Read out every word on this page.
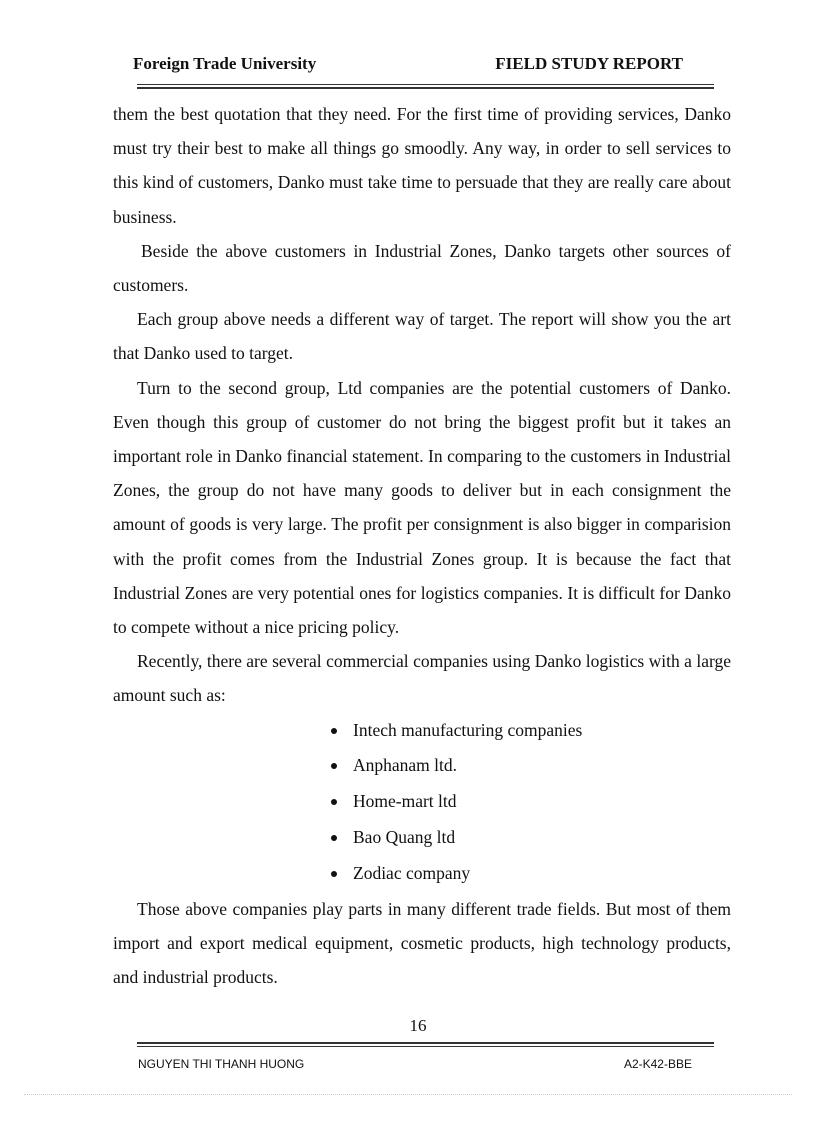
Foreign Trade University	FIELD STUDY REPORT

them the best quotation that they need. For the first time of providing services, Danko must try their best to make all things go smoodly. Any way, in order to sell services to this kind of customers, Danko must take time to persuade that they are really care about business.

Beside the above customers in Industrial Zones, Danko targets other sources of customers.

Each group above needs a different way of target. The report will show you the art that Danko used to target.

Turn to the second group, Ltd companies are the potential customers of Danko. Even though this group of customer do not bring the biggest profit but it takes an important role in Danko financial statement. In comparing to the customers in Industrial Zones, the group do not have many goods to deliver but in each consignment the amount of goods is very large. The profit per consignment is also bigger in comparision with the profit comes from the Industrial Zones group. It is because the fact that Industrial Zones are very potential ones for logistics companies. It is difficult for Danko to compete without a nice pricing policy.

Recently, there are several commercial companies using Danko logistics with a large amount such as:

Intech manufacturing companies
Anphanam ltd.
Home-mart ltd
Bao Quang ltd
Zodiac company

Those above companies play parts in many different trade fields. But most of them import and export medical equipment, cosmetic products, high technology products, and industrial products.

16
NGUYEN THI THANH HUONG	A2-K42-BBE
